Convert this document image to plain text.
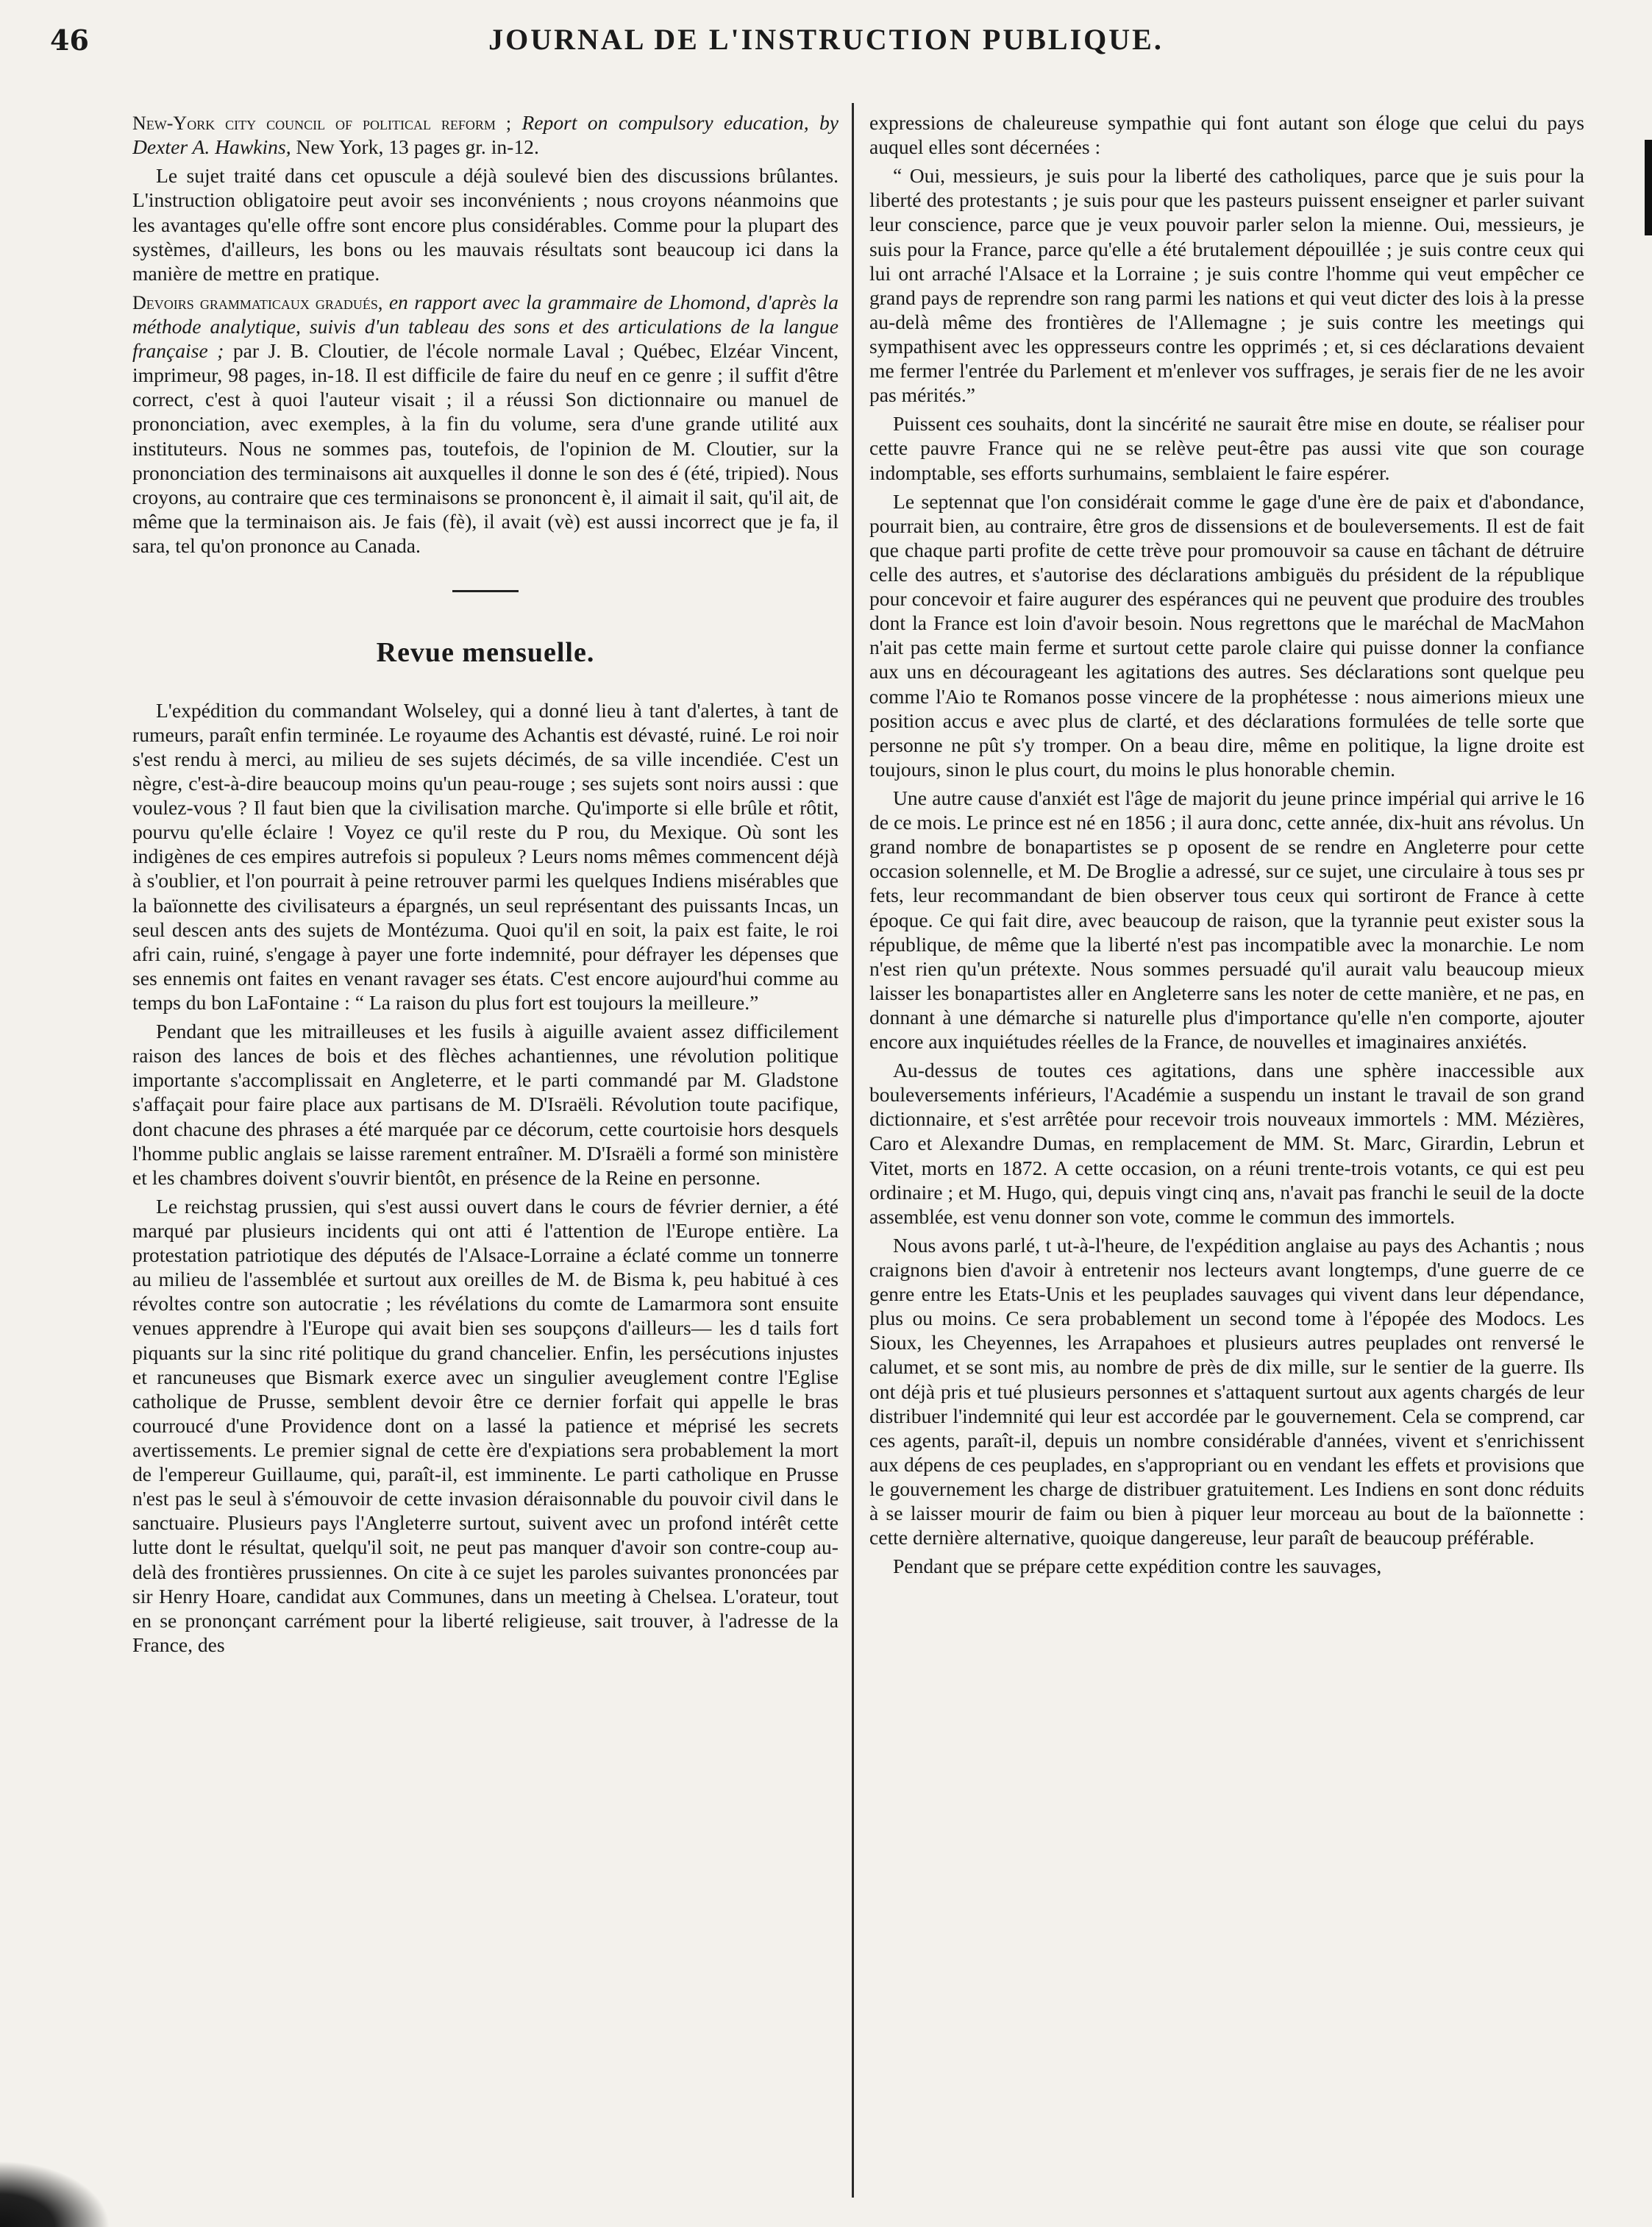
46	JOURNAL DE L'INSTRUCTION PUBLIQUE.

New-York city council of political reform ; Report on compulsory education, by Dexter A. Hawkins, New York, 13 pages gr. in-12.

Le sujet traité dans cet opuscule a déjà soulevé bien des discussions brûlantes. L'instruction obligatoire peut avoir ses inconvénients ; nous croyons néanmoins que les avantages qu'elle offre sont encore plus considérables. Comme pour la plupart des systèmes, d'ailleurs, les bons ou les mauvais résultats sont beaucoup ici dans la manière de mettre en pratique.

Devoirs grammaticaux gradués, en rapport avec la grammaire de Lhomond, d'après la méthode analytique, suivis d'un tableau des sons et des articulations de la langue française ; par J. B. Cloutier, de l'école normale Laval ; Québec, Elzéar Vincent, imprimeur, 98 pages, in-18. Il est difficile de faire du neuf en ce genre ; il suffit d'être correct, c'est à quoi l'auteur visait ; il a réussi Son dictionnaire ou manuel de prononciation, avec exemples, à la fin du volume, sera d'une grande utilité aux instituteurs. Nous ne sommes pas, toutefois, de l'opinion de M. Cloutier, sur la prononciation des terminaisons ait auxquelles il donne le son des é (été, tripied). Nous croyons, au contraire que ces terminaisons se prononcent è, il aimait il sait, qu'il ait, de même que la terminaison ais. Je fais (fè), il avait (vè) est aussi incorrect que je fa, il sara, tel qu'on prononce au Canada.

Revue mensuelle.

L'expédition du commandant Wolseley, qui a donné lieu à tant d'alertes, à tant de rumeurs, paraît enfin terminée. Le royaume des Achantis est dévasté, ruiné. Le roi noir s'est rendu à merci, au milieu de ses sujets décimés, de sa ville incendiée. C'est un nègre, c'est-à-dire beaucoup moins qu'un peau-rouge ; ses sujets sont noirs aussi : que voulez-vous ? Il faut bien que la civilisation marche. Qu'importe si elle brûle et rôtit, pourvu qu'elle éclaire ! Voyez ce qu'il reste du P rou, du Mexique. Où sont les indigènes de ces empires autrefois si populeux ? Leurs noms mêmes commencent déjà à s'oublier, et l'on pourrait à peine retrouver parmi les quelques Indiens misérables que la baïonnette des civilisateurs a épargnés, un seul représentant des puissants Incas, un seul descen ants des sujets de Montézuma. Quoi qu'il en soit, la paix est faite, le roi afri cain, ruiné, s'engage à payer une forte indemnité, pour défrayer les dépenses que ses ennemis ont faites en venant ravager ses états. C'est encore aujourd'hui comme au temps du bon LaFontaine : “ La raison du plus fort est toujours la meilleure.”

Pendant que les mitrailleuses et les fusils à aiguille avaient assez difficilement raison des lances de bois et des flèches achantiennes, une révolution politique importante s'accomplissait en Angleterre, et le parti commandé par M. Gladstone s'affaçait pour faire place aux partisans de M. D'Israëli. Révolution toute pacifique, dont chacune des phrases a été marquée par ce décorum, cette courtoisie hors desquels l'homme public anglais se laisse rarement entraîner. M. D'Israëli a formé son ministère et les chambres doivent s'ouvrir bientôt, en présence de la Reine en personne.

Le reichstag prussien, qui s'est aussi ouvert dans le cours de février dernier, a été marqué par plusieurs incidents qui ont atti é l'attention de l'Europe entière. La protestation patriotique des députés de l'Alsace-Lorraine a éclaté comme un tonnerre au milieu de l'assemblée et surtout aux oreilles de M. de Bisma k, peu habitué à ces révoltes contre son autocratie ; les révélations du comte de Lamarmora sont ensuite venues apprendre à l'Europe qui avait bien ses soupçons d'ailleurs— les d tails fort piquants sur la sinc rité politique du grand chancelier. Enfin, les persécutions injustes et rancuneuses que Bismark exerce avec un singulier aveuglement contre l'Eglise catholique de Prusse, semblent devoir être ce dernier forfait qui appelle le bras courroucé d'une Providence dont on a lassé la patience et méprisé les secrets avertissements. Le premier signal de cette ère d'expiations sera probablement la mort de l'empereur Guillaume, qui, paraît-il, est imminente. Le parti catholique en Prusse n'est pas le seul à s'émouvoir de cette invasion déraisonnable du pouvoir civil dans le sanctuaire. Plusieurs pays l'Angleterre surtout, suivent avec un profond intérêt cette lutte dont le résultat, quelqu'il soit, ne peut pas manquer d'avoir son contre-coup au-delà des frontières prussiennes. On cite à ce sujet les paroles suivantes prononcées par sir Henry Hoare, candidat aux Communes, dans un meeting à Chelsea. L'orateur, tout en se prononçant carrément pour la liberté religieuse, sait trouver, à l'adresse de la France, des

expressions de chaleureuse sympathie qui font autant son éloge que celui du pays auquel elles sont décernées :

“ Oui, messieurs, je suis pour la liberté des catholiques, parce que je suis pour la liberté des protestants ; je suis pour que les pasteurs puissent enseigner et parler suivant leur conscience, parce que je veux pouvoir parler selon la mienne. Oui, messieurs, je suis pour la France, parce qu'elle a été brutalement dépouillée ; je suis contre ceux qui lui ont arraché l'Alsace et la Lorraine ; je suis contre l'homme qui veut empêcher ce grand pays de reprendre son rang parmi les nations et qui veut dicter des lois à la presse au-delà même des frontières de l'Allemagne ; je suis contre les meetings qui sympathisent avec les oppresseurs contre les opprimés ; et, si ces déclarations devaient me fermer l'entrée du Parlement et m'enlever vos suffrages, je serais fier de ne les avoir pas mérités.”

Puissent ces souhaits, dont la sincérité ne saurait être mise en doute, se réaliser pour cette pauvre France qui ne se relève peut-être pas aussi vite que son courage indomptable, ses efforts surhumains, semblaient le faire espérer.

Le septennat que l'on considérait comme le gage d'une ère de paix et d'abondance, pourrait bien, au contraire, être gros de dissensions et de bouleversements. Il est de fait que chaque parti profite de cette trève pour promouvoir sa cause en tâchant de détruire celle des autres, et s'autorise des déclarations ambiguës du président de la république pour concevoir et faire augurer des espérances qui ne peuvent que produire des troubles dont la France est loin d'avoir besoin. Nous regrettons que le maréchal de MacMahon n'ait pas cette main ferme et surtout cette parole claire qui puisse donner la confiance aux uns en décourageant les agitations des autres. Ses déclarations sont quelque peu comme l'Aio te Romanos posse vincere de la prophétesse : nous aimerions mieux une position accus e avec plus de clarté, et des déclarations formulées de telle sorte que personne ne pût s'y tromper. On a beau dire, même en politique, la ligne droite est toujours, sinon le plus court, du moins le plus honorable chemin.

Une autre cause d'anxiét est l'âge de majorit du jeune prince impérial qui arrive le 16 de ce mois. Le prince est né en 1856 ; il aura donc, cette année, dix-huit ans révolus. Un grand nombre de bonapartistes se p oposent de se rendre en Angleterre pour cette occasion solennelle, et M. De Broglie a adressé, sur ce sujet, une circulaire à tous ses pr fets, leur recommandant de bien observer tous ceux qui sortiront de France à cette époque. Ce qui fait dire, avec beaucoup de raison, que la tyrannie peut exister sous la république, de même que la liberté n'est pas incompatible avec la monarchie. Le nom n'est rien qu'un prétexte. Nous sommes persuadé qu'il aurait valu beaucoup mieux laisser les bonapartistes aller en Angleterre sans les noter de cette manière, et ne pas, en donnant à une démarche si naturelle plus d'importance qu'elle n'en comporte, ajouter encore aux inquiétudes réelles de la France, de nouvelles et imaginaires anxiétés.

Au-dessus de toutes ces agitations, dans une sphère inaccessible aux bouleversements inférieurs, l'Académie a suspendu un instant le travail de son grand dictionnaire, et s'est arrêtée pour recevoir trois nouveaux immortels : MM. Mézières, Caro et Alexandre Dumas, en remplacement de MM. St. Marc, Girardin, Lebrun et Vitet, morts en 1872. A cette occasion, on a réuni trente-trois votants, ce qui est peu ordinaire ; et M. Hugo, qui, depuis vingt cinq ans, n'avait pas franchi le seuil de la docte assemblée, est venu donner son vote, comme le commun des immortels.

Nous avons parlé, t ut-à-l'heure, de l'expédition anglaise au pays des Achantis ; nous craignons bien d'avoir à entretenir nos lecteurs avant longtemps, d'une guerre de ce genre entre les Etats-Unis et les peuplades sauvages qui vivent dans leur dépendance, plus ou moins. Ce sera probablement un second tome à l'épopée des Modocs. Les Sioux, les Cheyennes, les Arrapahoes et plusieurs autres peuplades ont renversé le calumet, et se sont mis, au nombre de près de dix mille, sur le sentier de la guerre. Ils ont déjà pris et tué plusieurs personnes et s'attaquent surtout aux agents chargés de leur distribuer l'indemnité qui leur est accordée par le gouvernement. Cela se comprend, car ces agents, paraît-il, depuis un nombre considérable d'années, vivent et s'enrichissent aux dépens de ces peuplades, en s'appropriant ou en vendant les effets et provisions que le gouvernement les charge de distribuer gratuitement. Les Indiens en sont donc réduits à se laisser mourir de faim ou bien à piquer leur morceau au bout de la baïonnette : cette dernière alternative, quoique dangereuse, leur paraît de beaucoup préférable.

Pendant que se prépare cette expédition contre les sauvages,
